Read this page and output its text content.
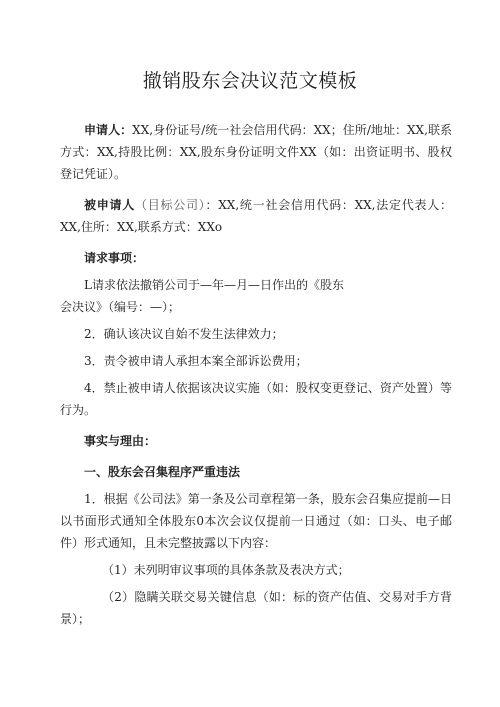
撤销股东会决议范文模板

申请人：XX,身份证号/统一社会信用代码：XX；住所/地址：XX,联系方式：XX,持股比例：XX,股东身份证明文件XX（如：出资证明书、股权登记凭证）。

被申请人（目标公司）：XX,统一社会信用代码：XX,法定代表人：XX,住所：XX,联系方式：XXo

请求事项：

L请求依法撤销公司于—年—月—日作出的《股东

会决议》（编号：—）；

2．确认该决议自始不发生法律效力；

3．责令被申请人承担本案全部诉讼费用；

4．禁止被申请人依据该决议实施（如：股权变更登记、资产处置）等行为。

事实与理由：

一、股东会召集程序严重违法

1．根据《公司法》第一条及公司章程第一条，股东会召集应提前—日以书面形式通知全体股东0本次会议仅提前一日通过（如：口头、电子邮件）形式通知，且未完整披露以下内容：

（1）未列明审议事项的具体条款及表决方式；

（2）隐瞒关联交易关键信息（如：标的资产估值、交易对手方背景）；
